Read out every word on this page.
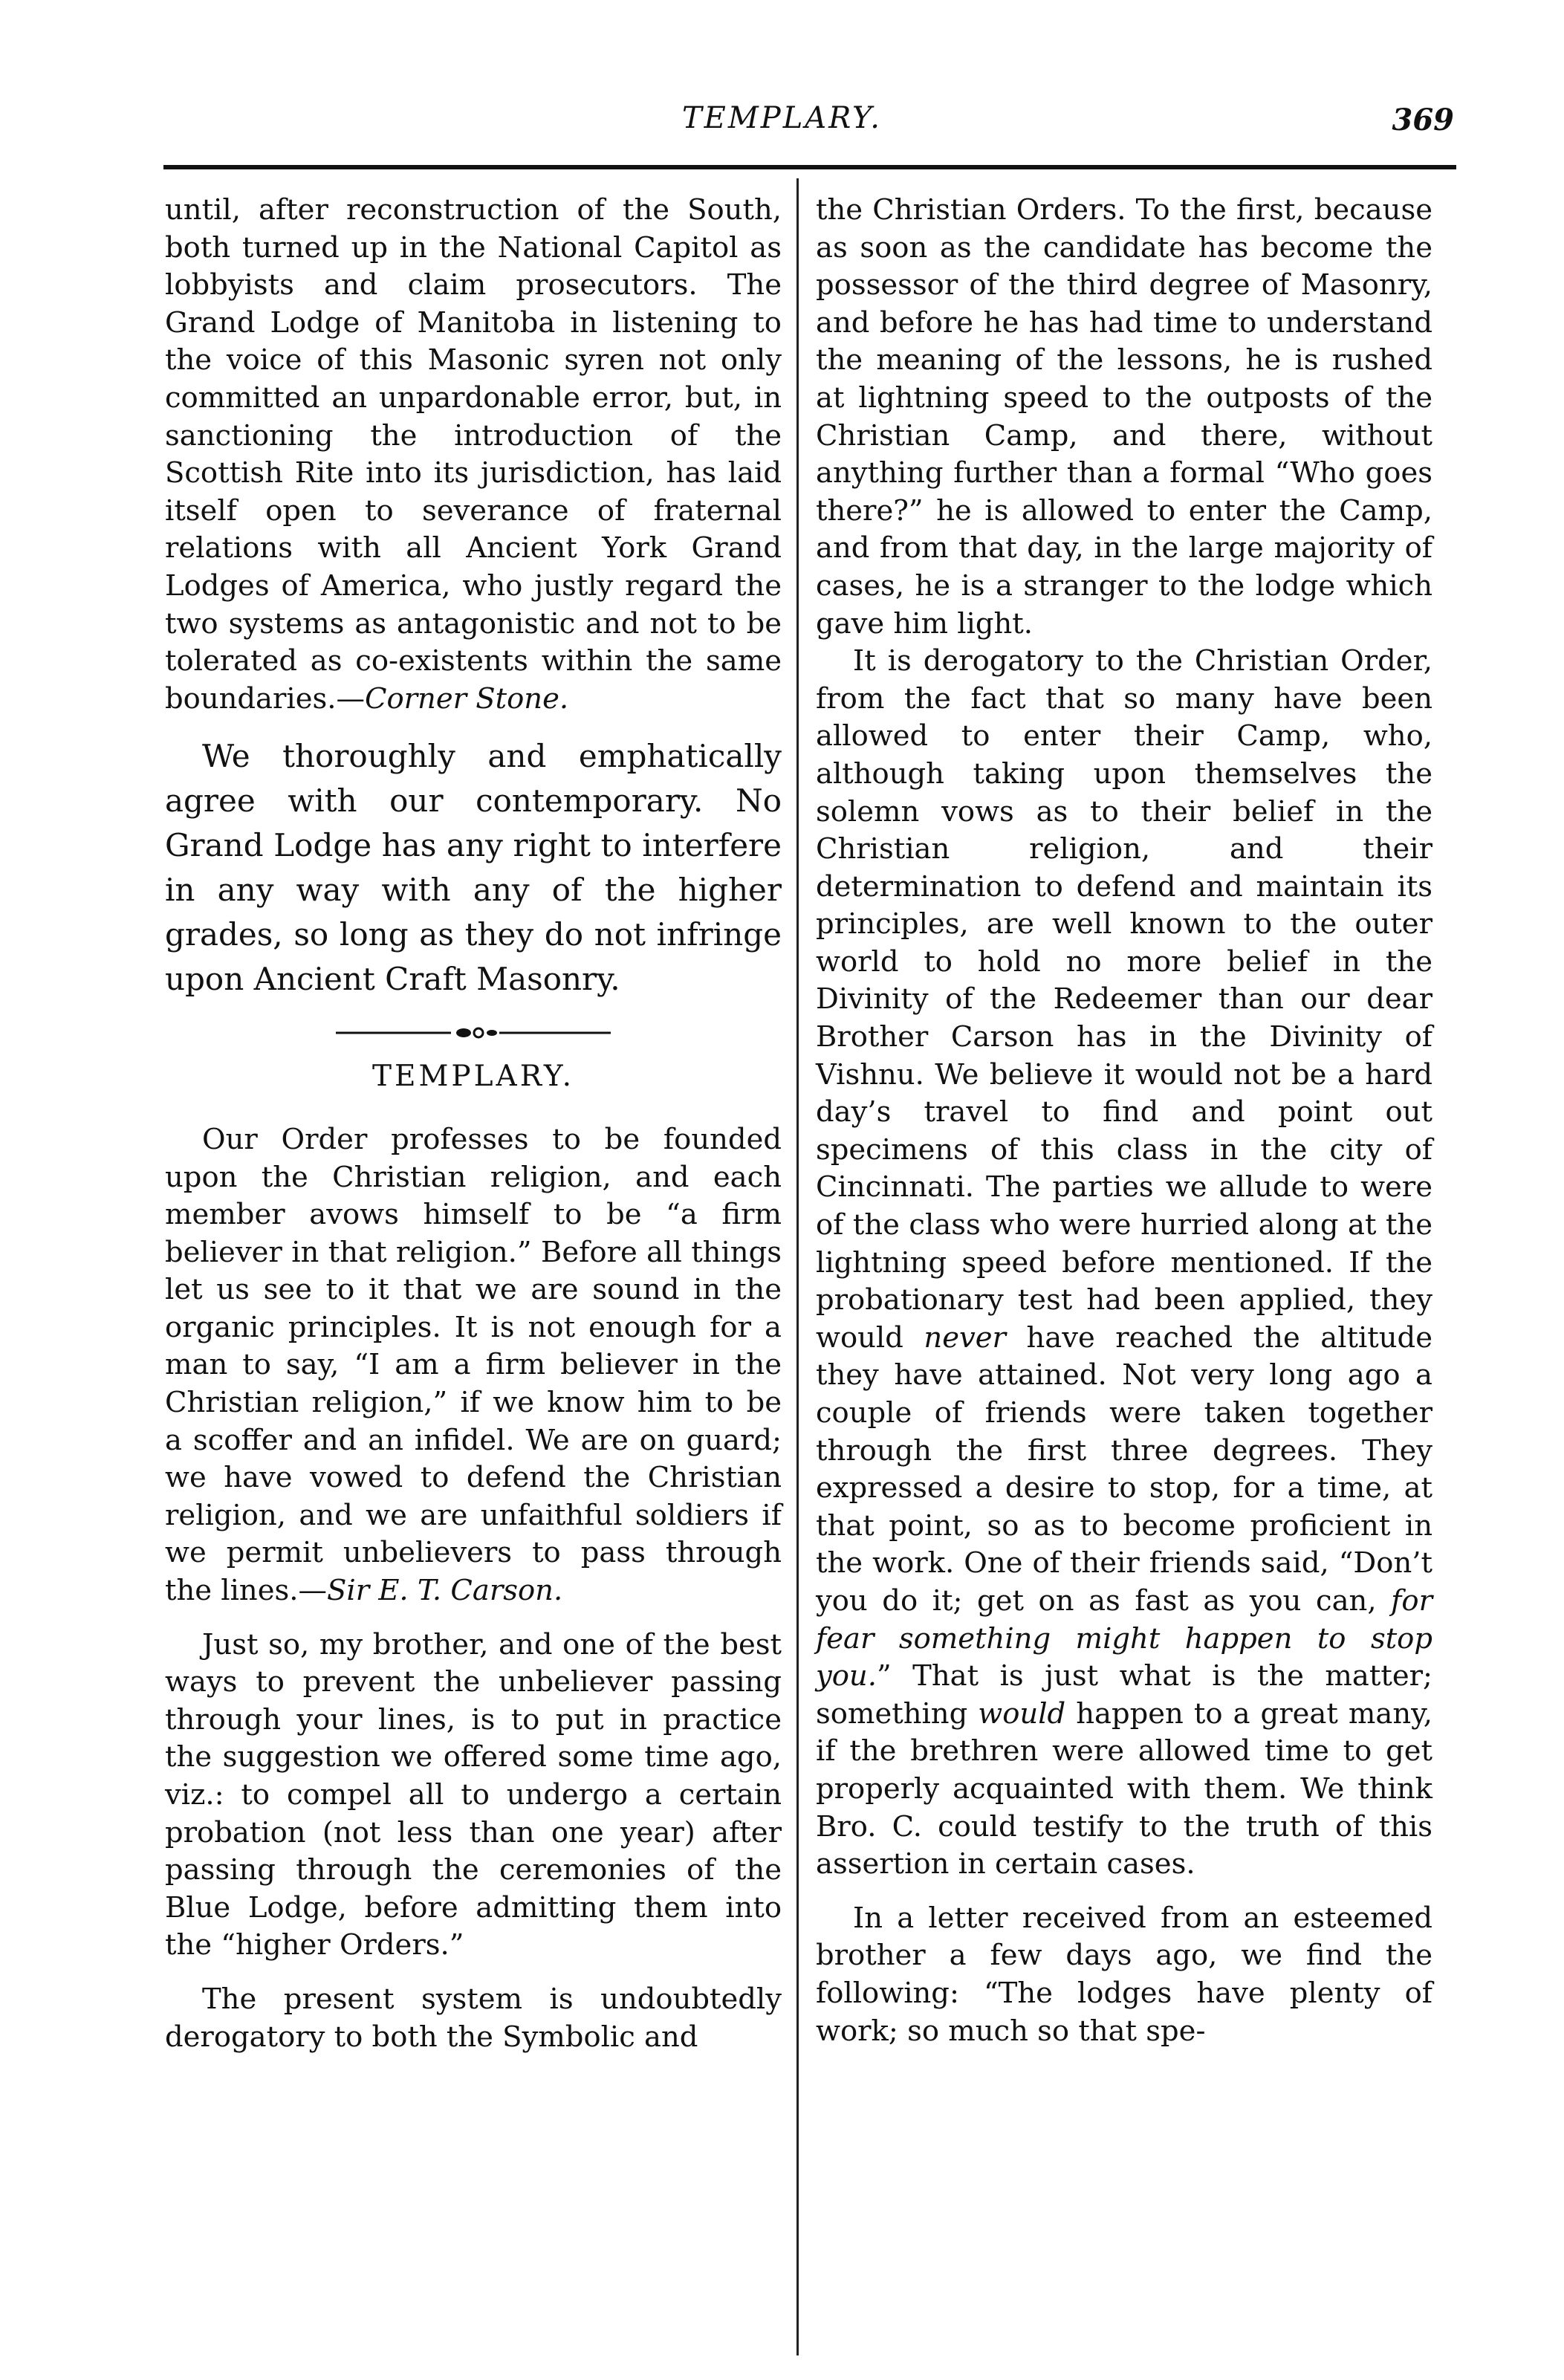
TEMPLARY.	369

until, after reconstruction of the South, both turned up in the National Capitol as lobbyists and claim prosecutors. The Grand Lodge of Manitoba in listening to the voice of this Masonic syren not only committed an unpardonable error, but, in sanctioning the introduction of the Scottish Rite into its jurisdiction, has laid itself open to severance of fraternal relations with all Ancient York Grand Lodges of America, who justly regard the two systems as antagonistic and not to be tolerated as co-existents within the same boundaries.—Corner Stone.

We thoroughly and emphatically agree with our contemporary. No Grand Lodge has any right to interfere in any way with any of the higher grades, so long as they do not infringe upon Ancient Craft Masonry.

TEMPLARY.

Our Order professes to be founded upon the Christian religion, and each member avows himself to be “a firm believer in that religion.” Before all things let us see to it that we are sound in the organic principles. It is not enough for a man to say, “I am a firm believer in the Christian religion,” if we know him to be a scoffer and an infidel. We are on guard; we have vowed to defend the Christian religion, and we are unfaithful soldiers if we permit unbelievers to pass through the lines.—Sir E. T. Carson.

Just so, my brother, and one of the best ways to prevent the unbeliever passing through your lines, is to put in practice the suggestion we offered some time ago, viz.: to compel all to undergo a certain probation (not less than one year) after passing through the ceremonies of the Blue Lodge, before admitting them into the “higher Orders.”

The present system is undoubtedly derogatory to both the Symbolic and

the Christian Orders. To the first, because as soon as the candidate has become the possessor of the third degree of Masonry, and before he has had time to understand the meaning of the lessons, he is rushed at lightning speed to the outposts of the Christian Camp, and there, without anything further than a formal “Who goes there?” he is allowed to enter the Camp, and from that day, in the large majority of cases, he is a stranger to the lodge which gave him light.

It is derogatory to the Christian Order, from the fact that so many have been allowed to enter their Camp, who, although taking upon themselves the solemn vows as to their belief in the Christian religion, and their determination to defend and maintain its principles, are well known to the outer world to hold no more belief in the Divinity of the Redeemer than our dear Brother Carson has in the Divinity of Vishnu. We believe it would not be a hard day’s travel to find and point out specimens of this class in the city of Cincinnati. The parties we allude to were of the class who were hurried along at the lightning speed before mentioned. If the probationary test had been applied, they would never have reached the altitude they have attained. Not very long ago a couple of friends were taken together through the first three degrees. They expressed a desire to stop, for a time, at that point, so as to become proficient in the work. One of their friends said, “Don’t you do it; get on as fast as you can, for fear something might happen to stop you.” That is just what is the matter; something would happen to a great many, if the brethren were allowed time to get properly acquainted with them. We think Bro. C. could testify to the truth of this assertion in certain cases.

In a letter received from an esteemed brother a few days ago, we find the following: “The lodges have plenty of work; so much so that spe-
